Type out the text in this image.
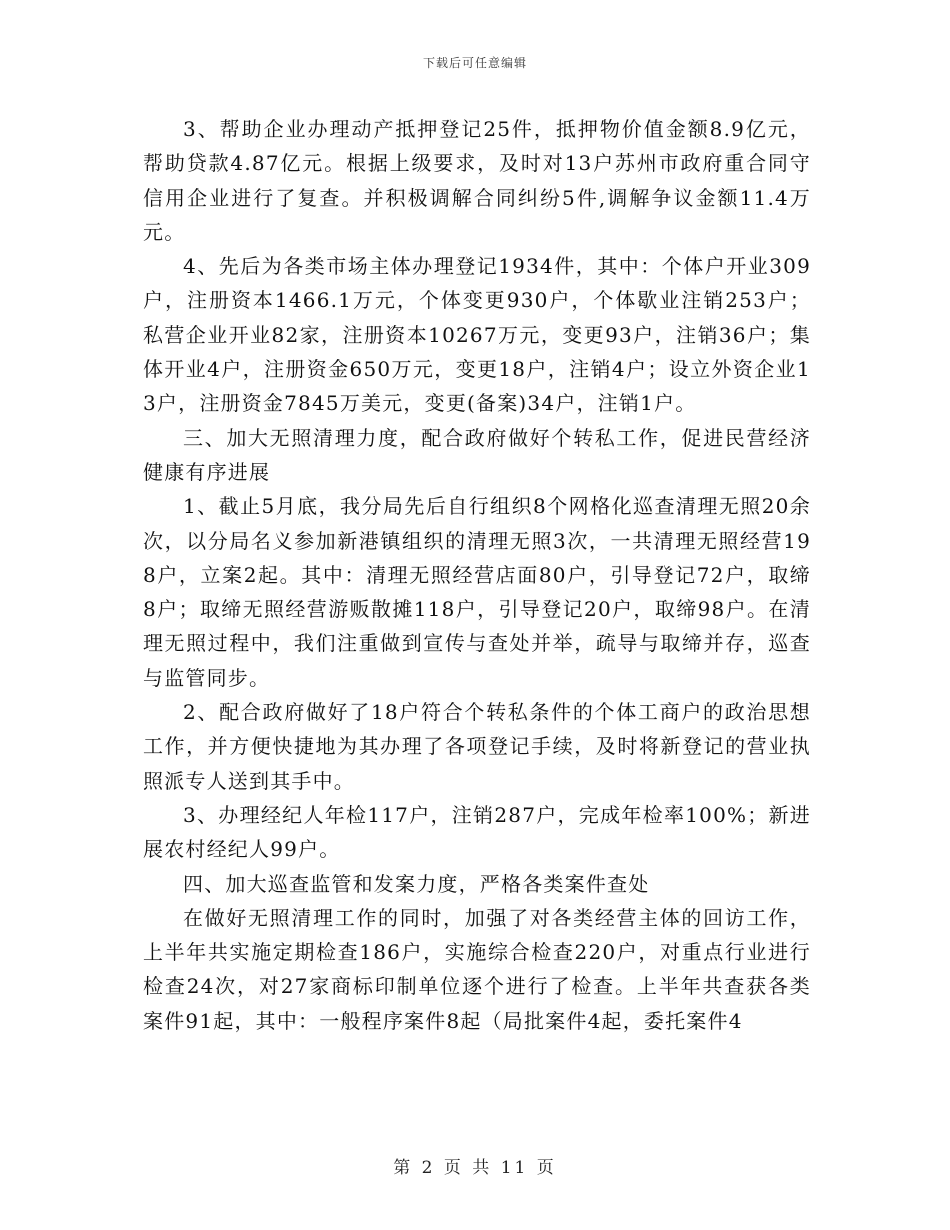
下载后可任意编辑

3、帮助企业办理动产抵押登记25件，抵押物价值金额8.9亿元，帮助贷款4.87亿元。根据上级要求，及时对13户苏州市政府重合同守信用企业进行了复查。并积极调解合同纠纷5件,调解争议金额11.4万元。

4、先后为各类市场主体办理登记1934件，其中：个体户开业309户，注册资本1466.1万元，个体变更930户，个体歇业注销253户；私营企业开业82家，注册资本10267万元，变更93户，注销36户；集体开业4户，注册资金650万元，变更18户，注销4户；设立外资企业13户，注册资金7845万美元，变更(备案)34户，注销1户。

三、加大无照清理力度，配合政府做好个转私工作，促进民营经济健康有序进展

1、截止5月底，我分局先后自行组织8个网格化巡查清理无照20余次，以分局名义参加新港镇组织的清理无照3次，一共清理无照经营198户，立案2起。其中：清理无照经营店面80户，引导登记72户，取缔8户；取缔无照经营游贩散摊118户，引导登记20户，取缔98户。在清理无照过程中，我们注重做到宣传与查处并举，疏导与取缔并存，巡查与监管同步。

2、配合政府做好了18户符合个转私条件的个体工商户的政治思想工作，并方便快捷地为其办理了各项登记手续，及时将新登记的营业执照派专人送到其手中。

3、办理经纪人年检117户，注销287户，完成年检率100%；新进展农村经纪人99户。

四、加大巡查监管和发案力度，严格各类案件查处

在做好无照清理工作的同时，加强了对各类经营主体的回访工作，上半年共实施定期检查186户，实施综合检查220户，对重点行业进行检查24次，对27家商标印制单位逐个进行了检查。上半年共查获各类案件91起，其中：一般程序案件8起（局批案件4起，委托案件4

第 2 页 共 11 页
